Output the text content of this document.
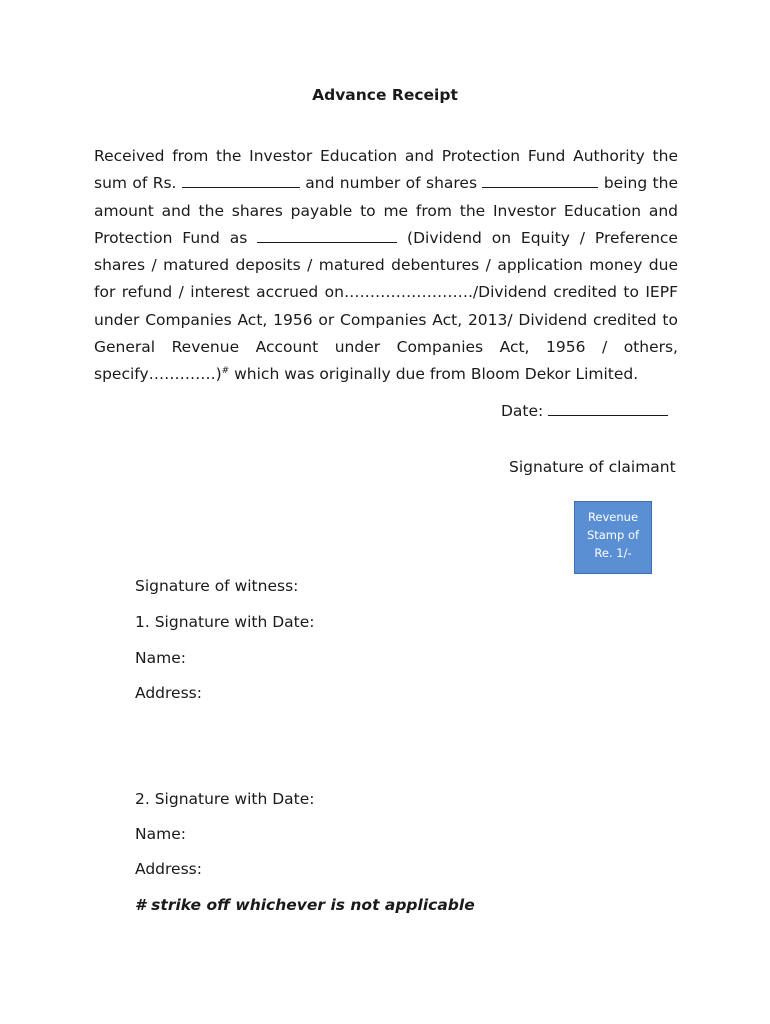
Advance Receipt
Received from the Investor Education and Protection Fund Authority the sum of Rs.	and number of shares	being the amount and the shares payable to me from the Investor Education and Protection Fund as	(Dividend on Equity / Preference shares / matured deposits / matured debentures / application money due for refund / interest accrued on……………………./Dividend credited to IEPF under Companies Act, 1956 or Companies Act, 2013/ Dividend credited to General Revenue Account under Companies Act, 1956 / others, specify………….)# which was originally due from Bloom Dekor Limited.
Date:
Signature of claimant
Revenue
Stamp of
Re. 1/-
Signature of witness:
1. Signature with Date:
Name:
Address:
2. Signature with Date:
Name:
Address:
# strike off whichever is not applicable
